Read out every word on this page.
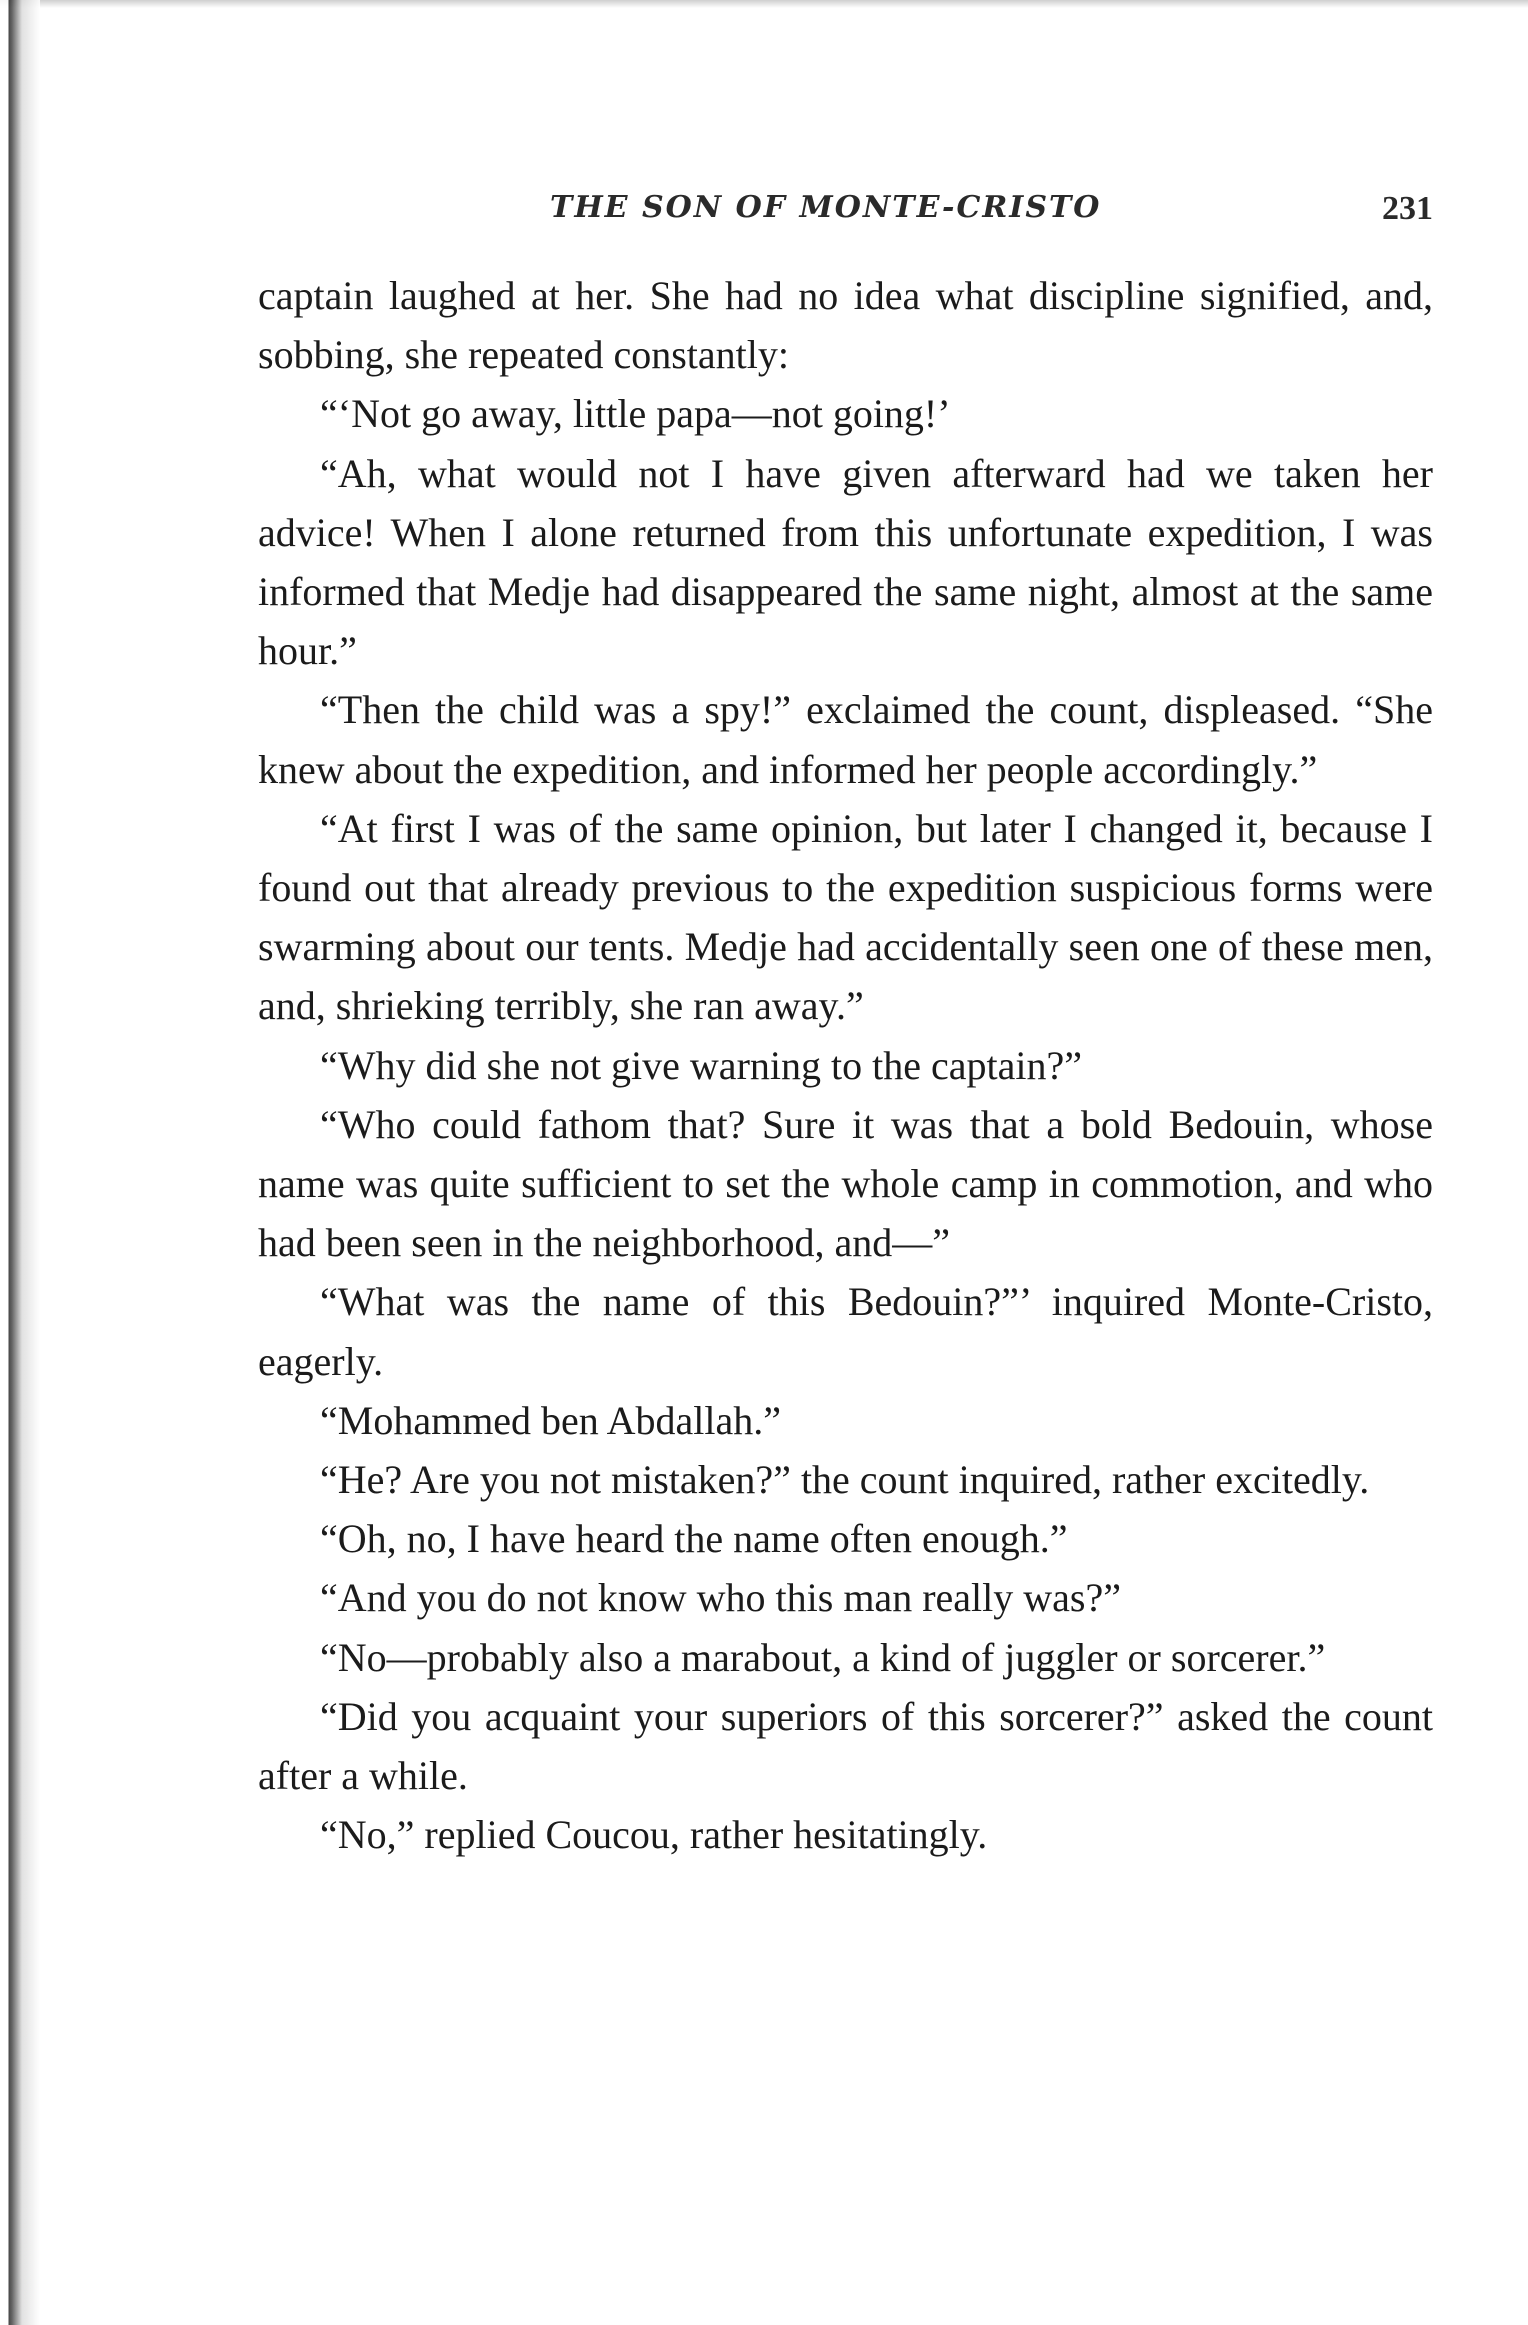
THE SON OF MONTE-CRISTO	231

captain laughed at her. She had no idea what discipline signified, and, sobbing, she repeated constantly:

“‘Not go away, little papa—not going!’

“Ah, what would not I have given afterward had we taken her advice! When I alone returned from this unfortunate expedition, I was informed that Medje had disappeared the same night, almost at the same hour.”

“Then the child was a spy!” exclaimed the count, displeased. “She knew about the expedition, and informed her people accordingly.”

“At first I was of the same opinion, but later I changed it, because I found out that already previous to the expedition suspicious forms were swarming about our tents. Medje had accidentally seen one of these men, and, shrieking terribly, she ran away.”

“Why did she not give warning to the captain?”

“Who could fathom that? Sure it was that a bold Bedouin, whose name was quite sufficient to set the whole camp in commotion, and who had been seen in the neighborhood, and—”

“What was the name of this Bedouin?”’ inquired Monte-Cristo, eagerly.

“Mohammed ben Abdallah.”

“He? Are you not mistaken?” the count inquired, rather excitedly.

“Oh, no, I have heard the name often enough.”

“And you do not know who this man really was?”

“No—probably also a marabout, a kind of juggler or sorcerer.”

“Did you acquaint your superiors of this sorcerer?” asked the count after a while.

“No,” replied Coucou, rather hesitatingly.
